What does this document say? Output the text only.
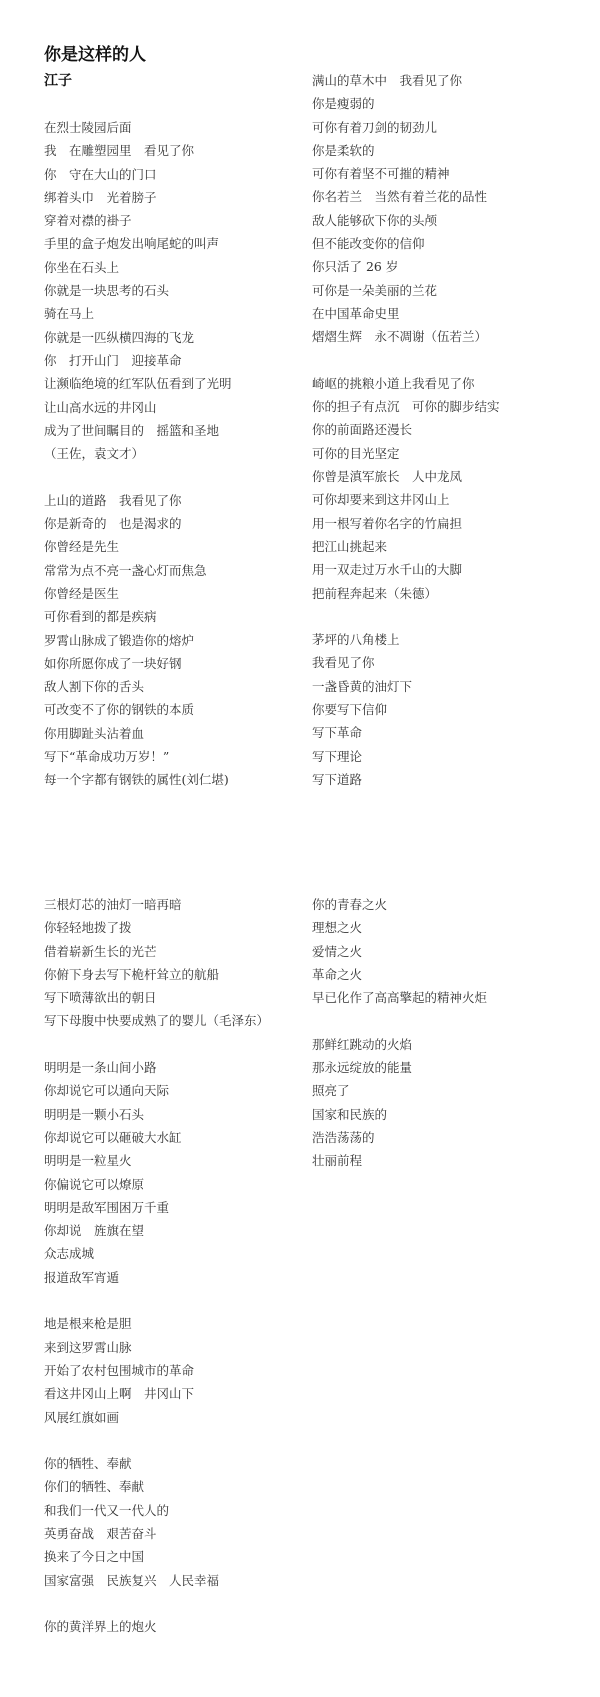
你是这样的人
江子
在烈士陵园后面
我　在雕塑园里　看见了你
你　守在大山的门口
绑着头巾　光着膀子
穿着对襟的褂子
手里的盒子炮发出响尾蛇的叫声
你坐在石头上
你就是一块思考的石头
骑在马上
你就是一匹纵横四海的飞龙
你　打开山门　迎接革命
让濒临绝境的红军队伍看到了光明
让山高水远的井冈山
成为了世间瞩目的　摇篮和圣地
（王佐，袁文才）
上山的道路　我看见了你
你是新奇的　也是渴求的
你曾经是先生
常常为点不亮一盏心灯而焦急
你曾经是医生
可你看到的都是疾病
罗霄山脉成了锻造你的熔炉
如你所愿你成了一块好钢
敌人割下你的舌头
可改变不了你的钢铁的本质
你用脚趾头沾着血
写下“革命成功万岁！”
每一个字都有钢铁的属性(刘仁堪)
满山的草木中　我看见了你
你是瘦弱的
可你有着刀剑的韧劲儿
你是柔软的
可你有着坚不可摧的精神
你名若兰　当然有着兰花的品性
敌人能够砍下你的头颅
但不能改变你的信仰
你只活了 26 岁
可你是一朵美丽的兰花
在中国革命史里
熠熠生辉　永不凋谢（伍若兰）
崎岖的挑粮小道上我看见了你
你的担子有点沉　可你的脚步结实
你的前面路还漫长
可你的目光坚定
你曾是滇军旅长　人中龙凤
可你却要来到这井冈山上
用一根写着你名字的竹扁担
把江山挑起来
用一双走过万水千山的大脚
把前程奔起来（朱德）
茅坪的八角楼上
我看见了你
一盏昏黄的油灯下
你要写下信仰
写下革命
写下理论
写下道路
三根灯芯的油灯一暗再暗
你轻轻地拨了拨
借着崭新生长的光芒
你俯下身去写下桅杆耸立的航船
写下喷薄欲出的朝日
写下母腹中快要成熟了的婴儿（毛泽东）
明明是一条山间小路
你却说它可以通向天际
明明是一颗小石头
你却说它可以砸破大水缸
明明是一粒星火
你偏说它可以燎原
明明是敌军围困万千重
你却说　旌旗在望
众志成城
报道敌军宵遁
地是根来枪是胆
来到这罗霄山脉
开始了农村包围城市的革命
看这井冈山上啊　井冈山下
风展红旗如画
你的牺牲、奉献
你们的牺牲、奉献
和我们一代又一代人的
英勇奋战　艰苦奋斗
换来了今日之中国
国家富强　民族复兴　人民幸福
你的黄洋界上的炮火
你的青春之火
理想之火
爱情之火
革命之火
早已化作了高高擎起的精神火炬
那鲜红跳动的火焰
那永远绽放的能量
照亮了
国家和民族的
浩浩荡荡的
壮丽前程
